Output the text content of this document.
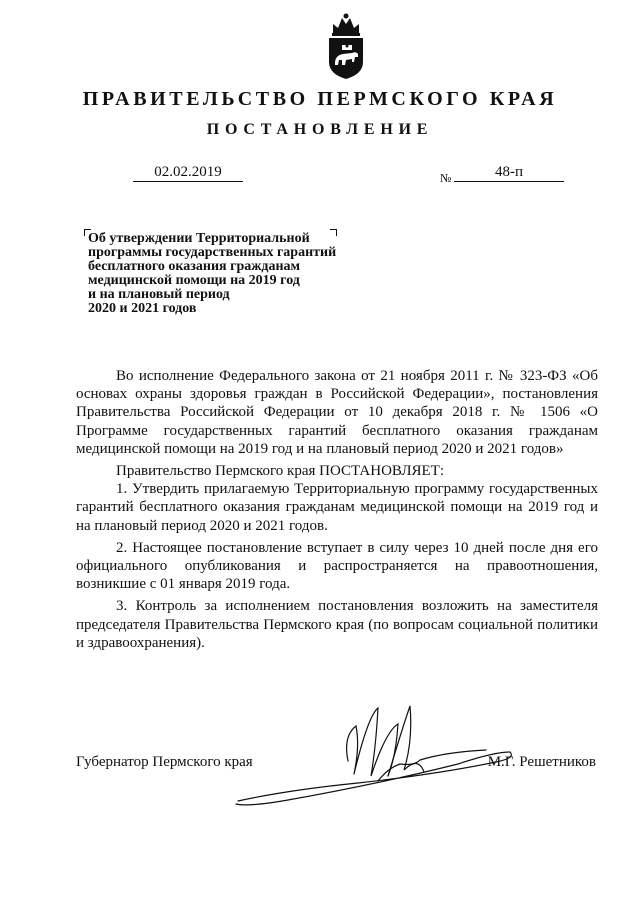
ПРАВИТЕЛЬСТВО ПЕРМСКОГО КРАЯ
ПОСТАНОВЛЕНИЕ
02.02.2019	№	48-п
Об утверждении Территориальной
программы государственных гарантий
бесплатного оказания гражданам
медицинской помощи на 2019 год
и на плановый период
2020 и 2021 годов

Во исполнение Федерального закона от 21 ноября 2011 г. № 323-ФЗ «Об основах охраны здоровья граждан в Российской Федерации», постановления Правительства Российской Федерации от 10 декабря 2018 г. № 1506 «О Программе государственных гарантий бесплатного оказания гражданам медицинской помощи на 2019 год и на плановый период 2020 и 2021 годов»

Правительство Пермского края ПОСТАНОВЛЯЕТ:

1. Утвердить прилагаемую Территориальную программу государственных гарантий бесплатного оказания гражданам медицинской помощи на 2019 год и на плановый период 2020 и 2021 годов.

2. Настоящее постановление вступает в силу через 10 дней после дня его официального опубликования и распространяется на правоотношения, возникшие с 01 января 2019 года.

3. Контроль за исполнением постановления возложить на заместителя председателя Правительства Пермского края (по вопросам социальной политики и здравоохранения).

Губернатор Пермского края	М.Г. Решетников
